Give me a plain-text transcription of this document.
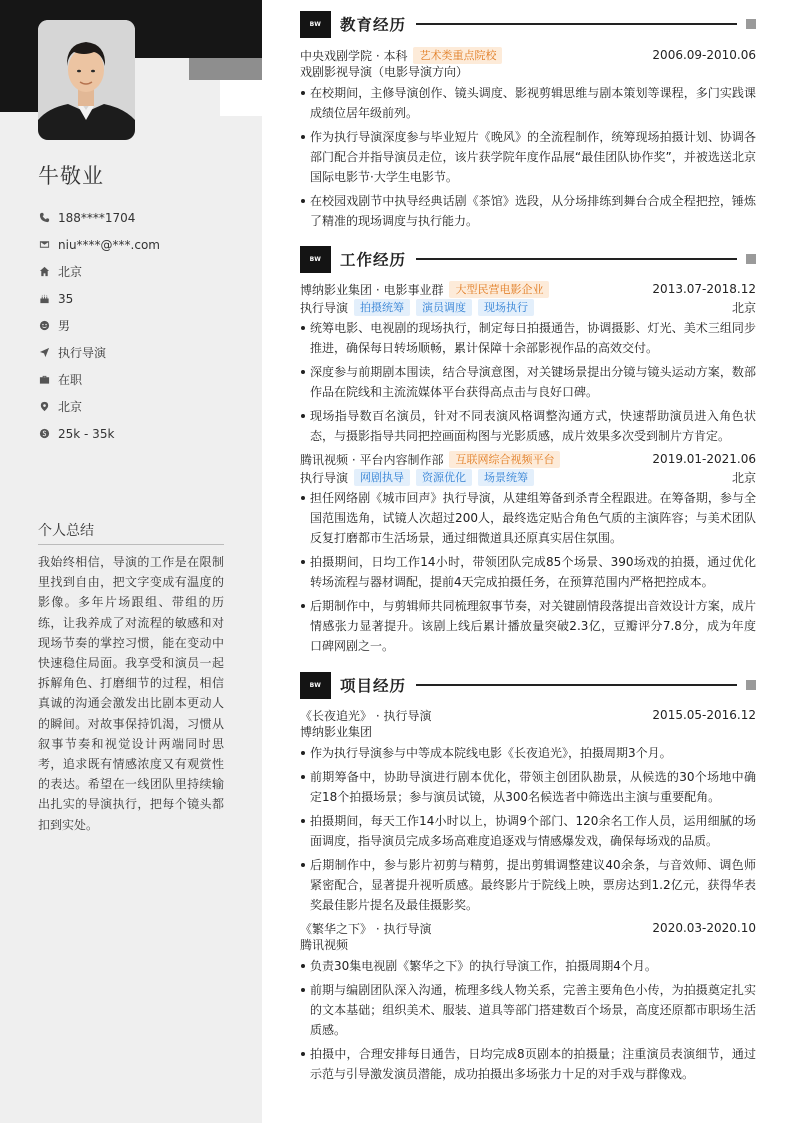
牛敬业
188****1704
niu****@***.com
北京
35
男
执行导演
在职
北京
25k - 35k
个人总结
我始终相信，导演的工作是在限制里找到自由，把文字变成有温度的影像。多年片场跟组、带组的历练，让我养成了对流程的敏感和对现场节奏的掌控习惯，能在变动中快速稳住局面。我享受和演员一起拆解角色、打磨细节的过程，相信真诚的沟通会激发出比剧本更动人的瞬间。对故事保持饥渴，习惯从叙事节奏和视觉设计两端同时思考，追求既有情感浓度又有观赏性的表达。希望在一线团队里持续输出扎实的导演执行，把每个镜头都扣到实处。
BW	教育经历
中央戏剧学院 · 本科	艺术类重点院校	2006.09-2010.06
戏剧影视导演（电影导演方向）
在校期间，主修导演创作、镜头调度、影视剪辑思维与剧本策划等课程，多门实践课成绩位居年级前列。
作为执行导演深度参与毕业短片《晚风》的全流程制作，统筹现场拍摄计划、协调各部门配合并指导演员走位，该片获学院年度作品展“最佳团队协作奖”，并被选送北京国际电影节·大学生电影节。
在校园戏剧节中执导经典话剧《茶馆》选段，从分场排练到舞台合成全程把控，锤炼了精准的现场调度与执行能力。
BW	工作经历
博纳影业集团 · 电影事业群	大型民营电影企业	2013.07-2018.12
执行导演	拍摄统筹	演员调度	现场执行	北京
统筹电影、电视剧的现场执行，制定每日拍摄通告，协调摄影、灯光、美术三组同步推进，确保每日转场顺畅，累计保障十余部影视作品的高效交付。
深度参与前期剧本围读，结合导演意图，对关键场景提出分镜与镜头运动方案，数部作品在院线和主流流媒体平台获得高点击与良好口碑。
现场指导数百名演员，针对不同表演风格调整沟通方式，快速帮助演员进入角色状态，与摄影指导共同把控画面构图与光影质感，成片效果多次受到制片方肯定。
腾讯视频 · 平台内容制作部	互联网综合视频平台	2019.01-2021.06
执行导演	网剧执导	资源优化	场景统筹	北京
担任网络剧《城市回声》执行导演，从建组筹备到杀青全程跟进。在筹备期，参与全国范围选角，试镜人次超过200人，最终选定贴合角色气质的主演阵容；与美术团队反复打磨都市生活场景，通过细微道具还原真实居住氛围。
拍摄期间，日均工作14小时，带领团队完成85个场景、390场戏的拍摄，通过优化转场流程与器材调配，提前4天完成拍摄任务，在预算范围内严格把控成本。
后期制作中，与剪辑师共同梳理叙事节奏，对关键剧情段落提出音效设计方案，成片情感张力显著提升。该剧上线后累计播放量突破2.3亿，豆瓣评分7.8分，成为年度口碑网剧之一。
BW	项目经历
《长夜追光》 · 执行导演	2015.05-2016.12
博纳影业集团
作为执行导演参与中等成本院线电影《长夜追光》，拍摄周期3个月。
前期筹备中，协助导演进行剧本优化，带领主创团队勘景，从候选的30个场地中确定18个拍摄场景；参与演员试镜，从300名候选者中筛选出主演与重要配角。
拍摄期间，每天工作14小时以上，协调9个部门、120余名工作人员，运用细腻的场面调度，指导演员完成多场高难度追逐戏与情感爆发戏，确保每场戏的品质。
后期制作中，参与影片初剪与精剪，提出剪辑调整建议40余条，与音效师、调色师紧密配合，显著提升视听质感。最终影片于院线上映，票房达到1.2亿元，获得华表奖最佳影片提名及最佳摄影奖。
《繁华之下》 · 执行导演	2020.03-2020.10
腾讯视频
负责30集电视剧《繁华之下》的执行导演工作，拍摄周期4个月。
前期与编剧团队深入沟通，梳理多线人物关系，完善主要角色小传，为拍摄奠定扎实的文本基础；组织美术、服装、道具等部门搭建数百个场景，高度还原都市职场生活质感。
拍摄中，合理安排每日通告，日均完成8页剧本的拍摄量；注重演员表演细节，通过示范与引导激发演员潜能，成功拍摄出多场张力十足的对手戏与群像戏。
